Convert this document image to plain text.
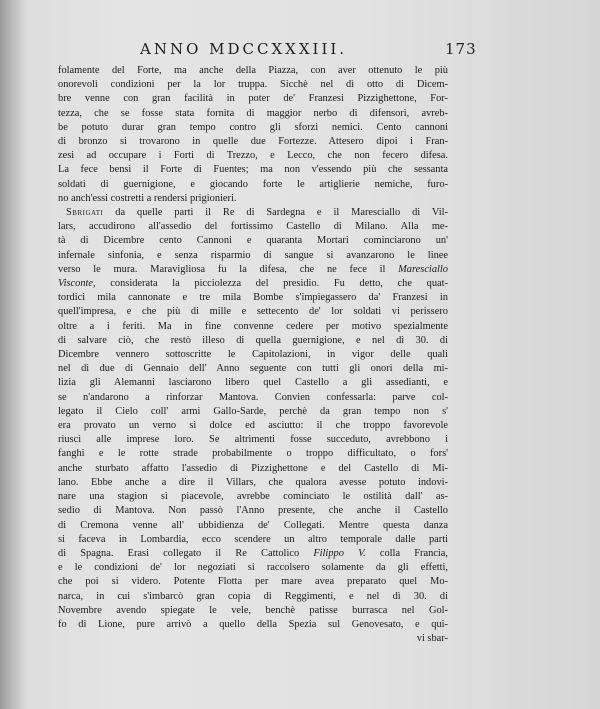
ANNO MDCCXXXIII.	173
folamente del Forte, ma anche della Piazza, con aver ottenuto le più
onorevoli condizioni per la lor truppa. Sicchè nel dì otto di Dicem-
bre venne con gran facilità in poter de' Franzesi Pizzighettone, For-
tezza, che se fosse stata fornita di maggior nerbo di difensori, avreb-
be potuto durar gran tempo contro gli sforzi nemici. Cento cannoni
di bronzo si trovarono in quelle due Fortezze. Attesero dipoi i Fran-
zesi ad occupare i Forti di Trezzo, e Lecco, che non fecero difesa.
La fece bensì il Forte di Fuentes; ma non v'essendo più che sessanta
soldati di guernigione, e giocando forte le artiglierie nemiche, furo-
no anch'essi costretti a rendersi prigionieri.
Sbrigati da quelle parti il Re di Sardegna e il Maresciallo di Vil-
lars, accudirono all'assedio del fortissimo Castello di Milano. Alla me-
tà di Dicembre cento Cannoni e quaranta Mortari cominciarono un'
infernale sinfonia, e senza risparmio di sangue si avanzarono le linee
verso le mura. Maravigliosa fu la difesa, che ne fece il Maresciallo
Visconte, considerata la picciolezza del presidio. Fu detto, che quat-
tordici mila cannonate e tre mila Bombe s'impiegassero da' Franzesi in
quell'impresa, e che più di mille e settecento de' lor soldati vi perissero
oltre a i feriti. Ma in fine convenne cedere per motivo spezialmente
di salvare ciò, che restò illeso di quella guernigione, e nel dì 30. di
Dicembre vennero sottoscritte le Capitolazioni, in vigor delle quali
nel dì due di Gennaio dell' Anno seguente con tutti gli onori della mi-
lizia gli Alemanni lasciarono libero quel Castello a gli assedianti, e
se n'andarono a rinforzar Mantova. Convien confessarla: parve col-
legato il Cielo coll' armi Gallo-Sarde, perchè da gran tempo non s'
era provato un verno sì dolce ed asciutto: il che troppo favorevole
riuscì alle imprese loro. Se altrimenti fosse succeduto, avrebbono i
fanghi e le rotte strade probabilmente o troppo difficultato, o fors'
anche sturbato affatto l'assedio di Pizzighettone e del Castello di Mi-
lano. Ebbe anche a dire il Villars, che qualora avesse potuto indovi-
nare una stagion sì piacevole, avrebbe cominciato le ostilità dall' as-
sedio di Mantova. Non passò l'Anno presente, che anche il Castello
di Cremona venne all' ubbidienza de' Collegati. Mentre questa danza
si faceva in Lombardia, ecco scendere un altro temporale dalle parti
di Spagna. Erasi collegato il Re Cattolico Filippo V. colla Francia,
e le condizioni de' lor negoziati si raccolsero solamente da gli effetti,
che poi si videro. Potente Flotta per mare avea preparato quel Mo-
narca, in cui s'imbarcò gran copia di Reggimenti, e nel dì 30. di
Novembre avendo spiegate le vele, benchè patisse burrasca nel Gol-
fo di Lione, pure arrivò a quello della Spezia sul Genovesato, e qui-
vi sbar-
